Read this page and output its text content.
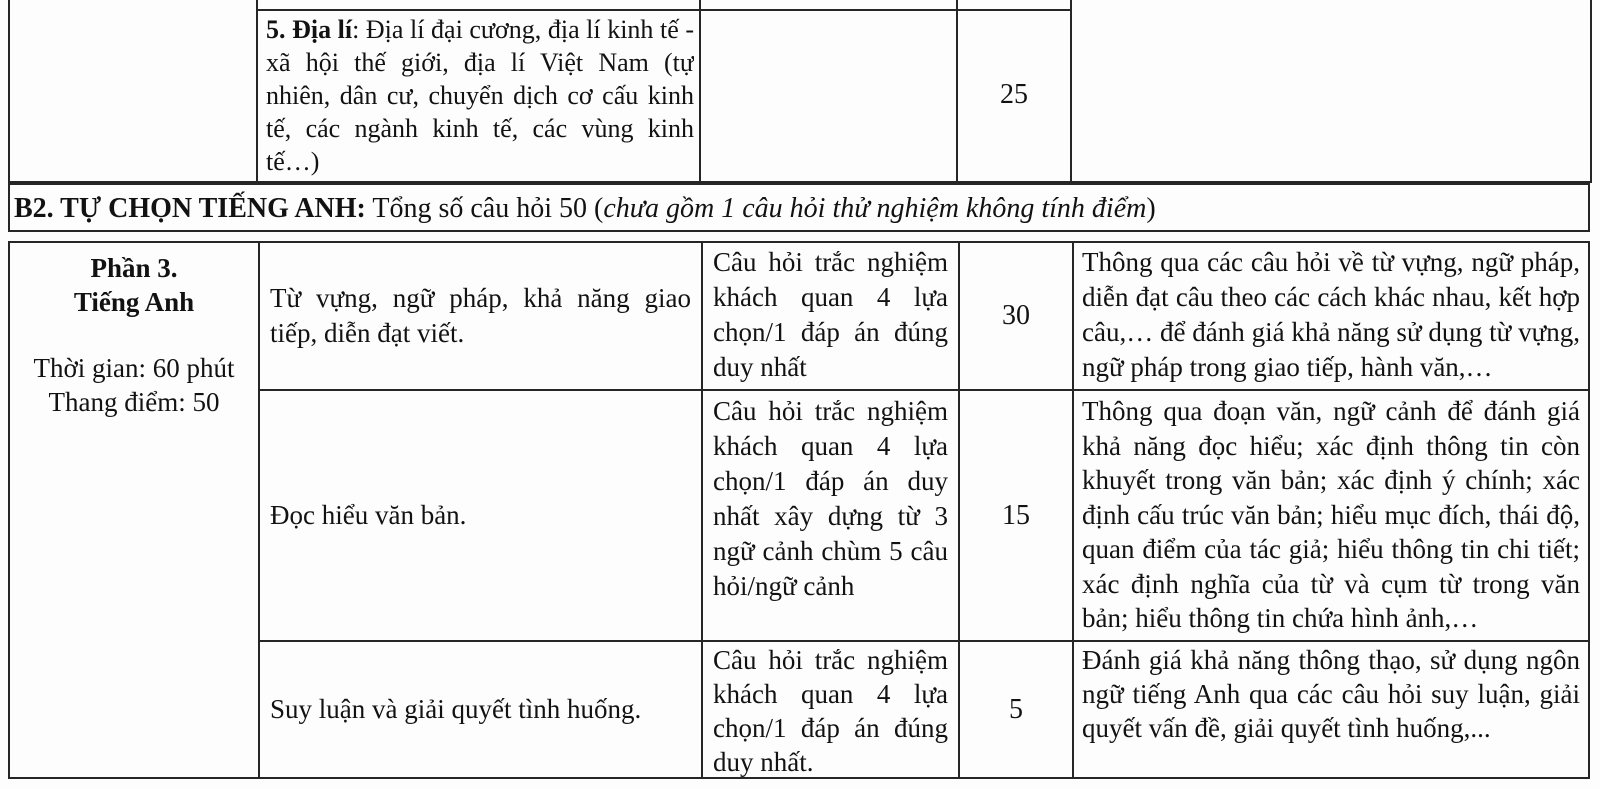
5. Địa lí: Địa lí đại cương, địa lí kinh tế - xã hội thế giới, địa lí Việt Nam (tự nhiên, dân cư, chuyển dịch cơ cấu kinh tế, các ngành kinh tế, các vùng kinh tế…)
25
B2. TỰ CHỌN TIẾNG ANH: Tổng số câu hỏi 50 (chưa gồm 1 câu hỏi thử nghiệm không tính điểm)
Phần 3.
Tiếng Anh
Thời gian: 60 phút
Thang điểm: 50
Từ vựng, ngữ pháp, khả năng giao tiếp, diễn đạt viết.
Câu hỏi trắc nghiệm khách quan 4 lựa chọn/1 đáp án đúng duy nhất
30
Thông qua các câu hỏi về từ vựng, ngữ pháp, diễn đạt câu theo các cách khác nhau, kết hợp câu,… để đánh giá khả năng sử dụng từ vựng, ngữ pháp trong giao tiếp, hành văn,…
Đọc hiểu văn bản.
Câu hỏi trắc nghiệm khách quan 4 lựa chọn/1 đáp án duy nhất xây dựng từ 3 ngữ cảnh chùm 5 câu hỏi/ngữ cảnh
15
Thông qua đoạn văn, ngữ cảnh để đánh giá khả năng đọc hiểu; xác định thông tin còn khuyết trong văn bản; xác định ý chính; xác định cấu trúc văn bản; hiểu mục đích, thái độ, quan điểm của tác giả; hiểu thông tin chi tiết; xác định nghĩa của từ và cụm từ trong văn bản; hiểu thông tin chứa hình ảnh,…
Suy luận và giải quyết tình huống.
Câu hỏi trắc nghiệm khách quan 4 lựa chọn/1 đáp án đúng duy nhất.
5
Đánh giá khả năng thông thạo, sử dụng ngôn ngữ tiếng Anh qua các câu hỏi suy luận, giải quyết vấn đề, giải quyết tình huống,...
